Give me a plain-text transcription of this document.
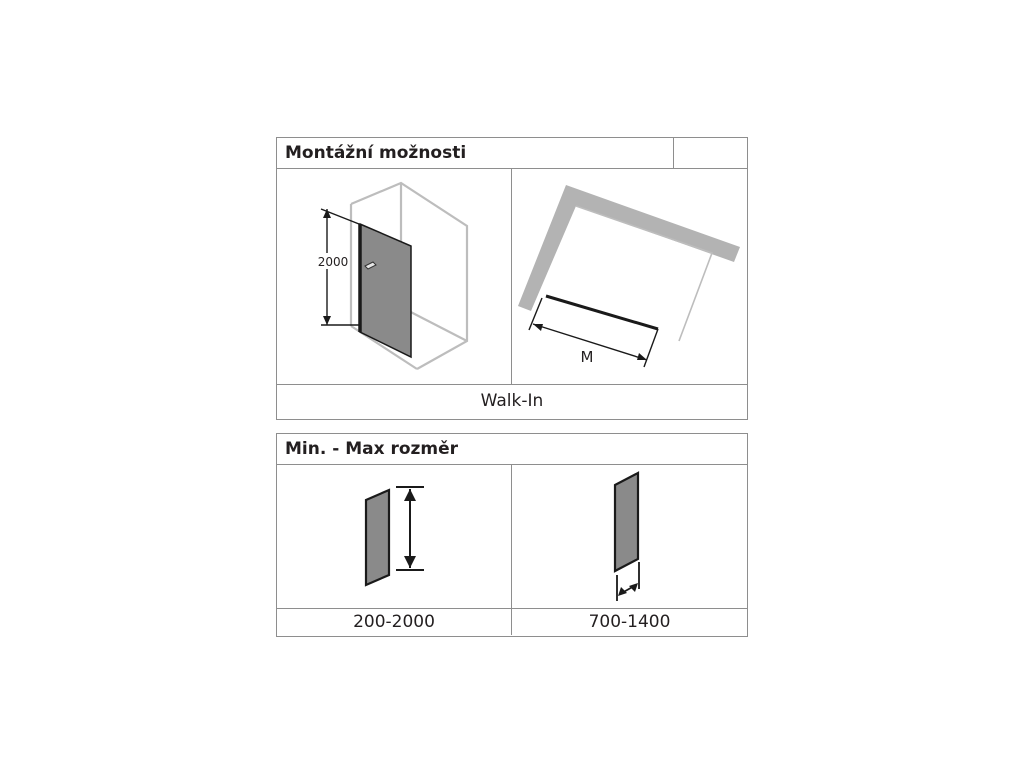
Montážní možnosti
2000
M
Walk-In
Min. - Max rozměr
200-2000	700-1400
